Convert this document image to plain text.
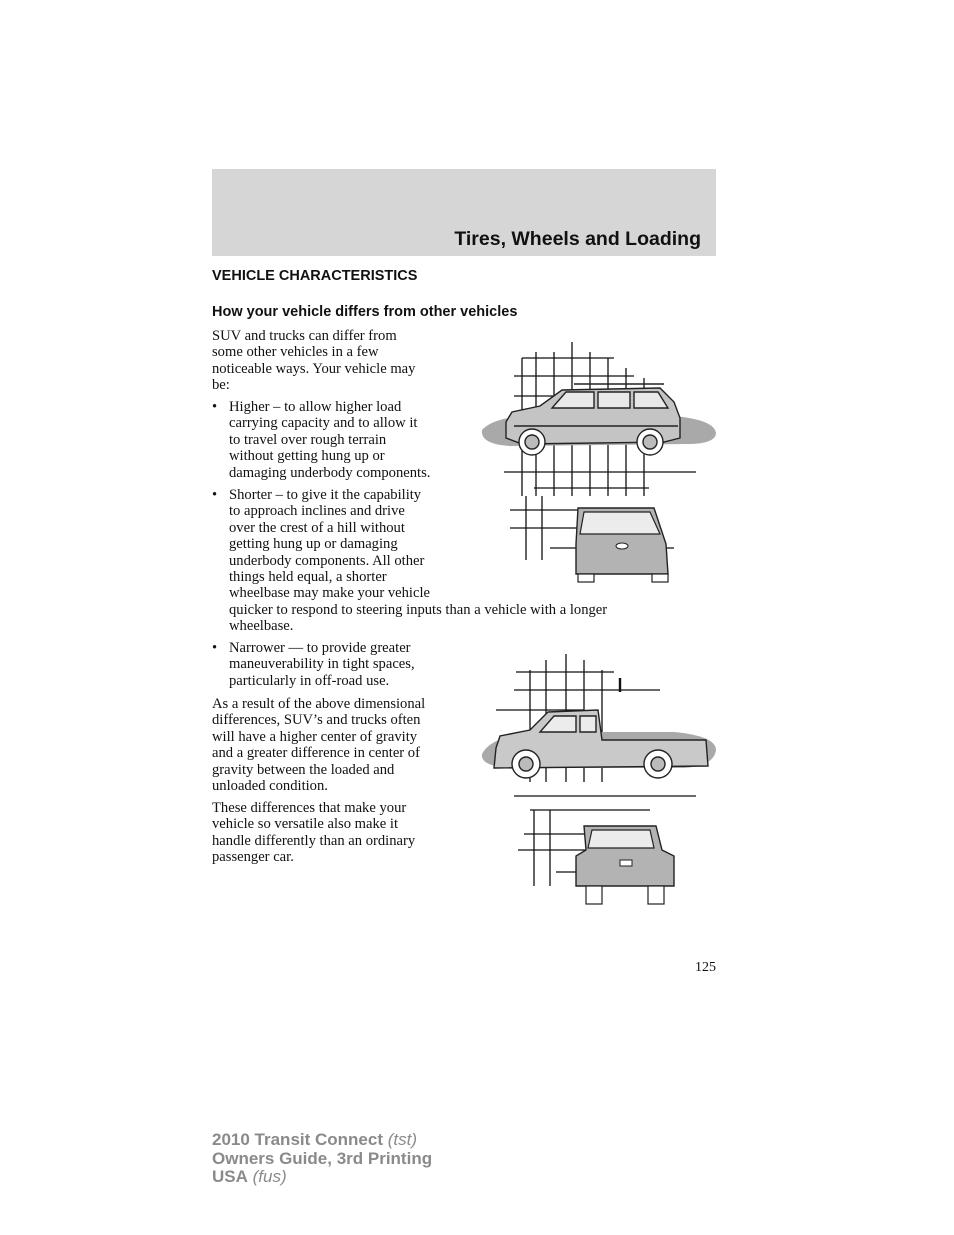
Tires, Wheels and Loading
VEHICLE CHARACTERISTICS
How your vehicle differs from other vehicles
SUV and trucks can differ from
some other vehicles in a few
noticeable ways. Your vehicle may
be:
• Higher – to allow higher load
carrying capacity and to allow it
to travel over rough terrain
without getting hung up or
damaging underbody components.
• Shorter – to give it the capability
to approach inclines and drive
over the crest of a hill without
getting hung up or damaging
underbody components. All other
things held equal, a shorter
wheelbase may make your vehicle
quicker to respond to steering inputs than a vehicle with a longer
wheelbase.
• Narrower — to provide greater
maneuverability in tight spaces,
particularly in off-road use.
As a result of the above dimensional
differences, SUV’s and trucks often
will have a higher center of gravity
and a greater difference in center of
gravity between the loaded and
unloaded condition.
These differences that make your
vehicle so versatile also make it
handle differently than an ordinary
passenger car.
125
2010 Transit Connect (tst)
Owners Guide, 3rd Printing
USA (fus)
